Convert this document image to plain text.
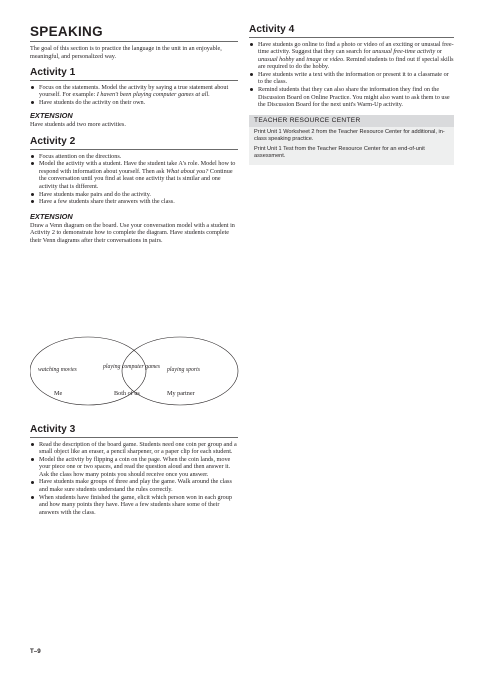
SPEAKING

The goal of this section is to practice the language in the unit in an enjoyable, meaningful, and personalized way.

Activity 1
Focus on the statements. Model the activity by saying a true statement about yourself. For example: I haven't been playing computer games at all.
Have students do the activity on their own.

EXTENSION

Have students add two more activities.

Activity 2
Focus attention on the directions.
Model the activity with a student. Have the student take A's role. Model how to respond with information about yourself. Then ask What about you? Continue the conversation until you find at least one activity that is similar and one activity that is different.
Have students make pairs and do the activity.
Have a few students share their answers with the class.

EXTENSION

Draw a Venn diagram on the board. Use your conversation model with a student in Activity 2 to demonstrate how to complete the diagram. Have students complete their Venn diagrams after their conversations in pairs.

watching movies	playing computer games	playing sports
Me	Both of us	My partner
Activity 3
Read the description of the board game. Students need one coin per group and a small object like an eraser, a pencil sharpener, or a paper clip for each student.
Model the activity by flipping a coin on the page. When the coin lands, move your piece one or two spaces, and read the question aloud and then answer it. Ask the class how many points you should receive once you answer.
Have students make groups of three and play the game. Walk around the class and make sure students understand the rules correctly.
When students have finished the game, elicit which person won in each group and how many points they have. Have a few students share some of their answers with the class.
Activity 4
Have students go online to find a photo or video of an exciting or unusual free-time activity. Suggest that they can search for unusual free-time activity or unusual hobby and image or video. Remind students to find out if special skills are required to do the hobby.
Have students write a text with the information or present it to a classmate or to the class.
Remind students that they can also share the information they find on the Discussion Board on Online Practice. You might also want to ask them to use the Discussion Board for the next unit's Warm-Up activity.
TEACHER RESOURCE CENTER

Print Unit 1 Worksheet 2 from the Teacher Resource Center for additional, in-class speaking practice.

Print Unit 1 Test from the Teacher Resource Center for an end-of-unit assessment.

T–9
